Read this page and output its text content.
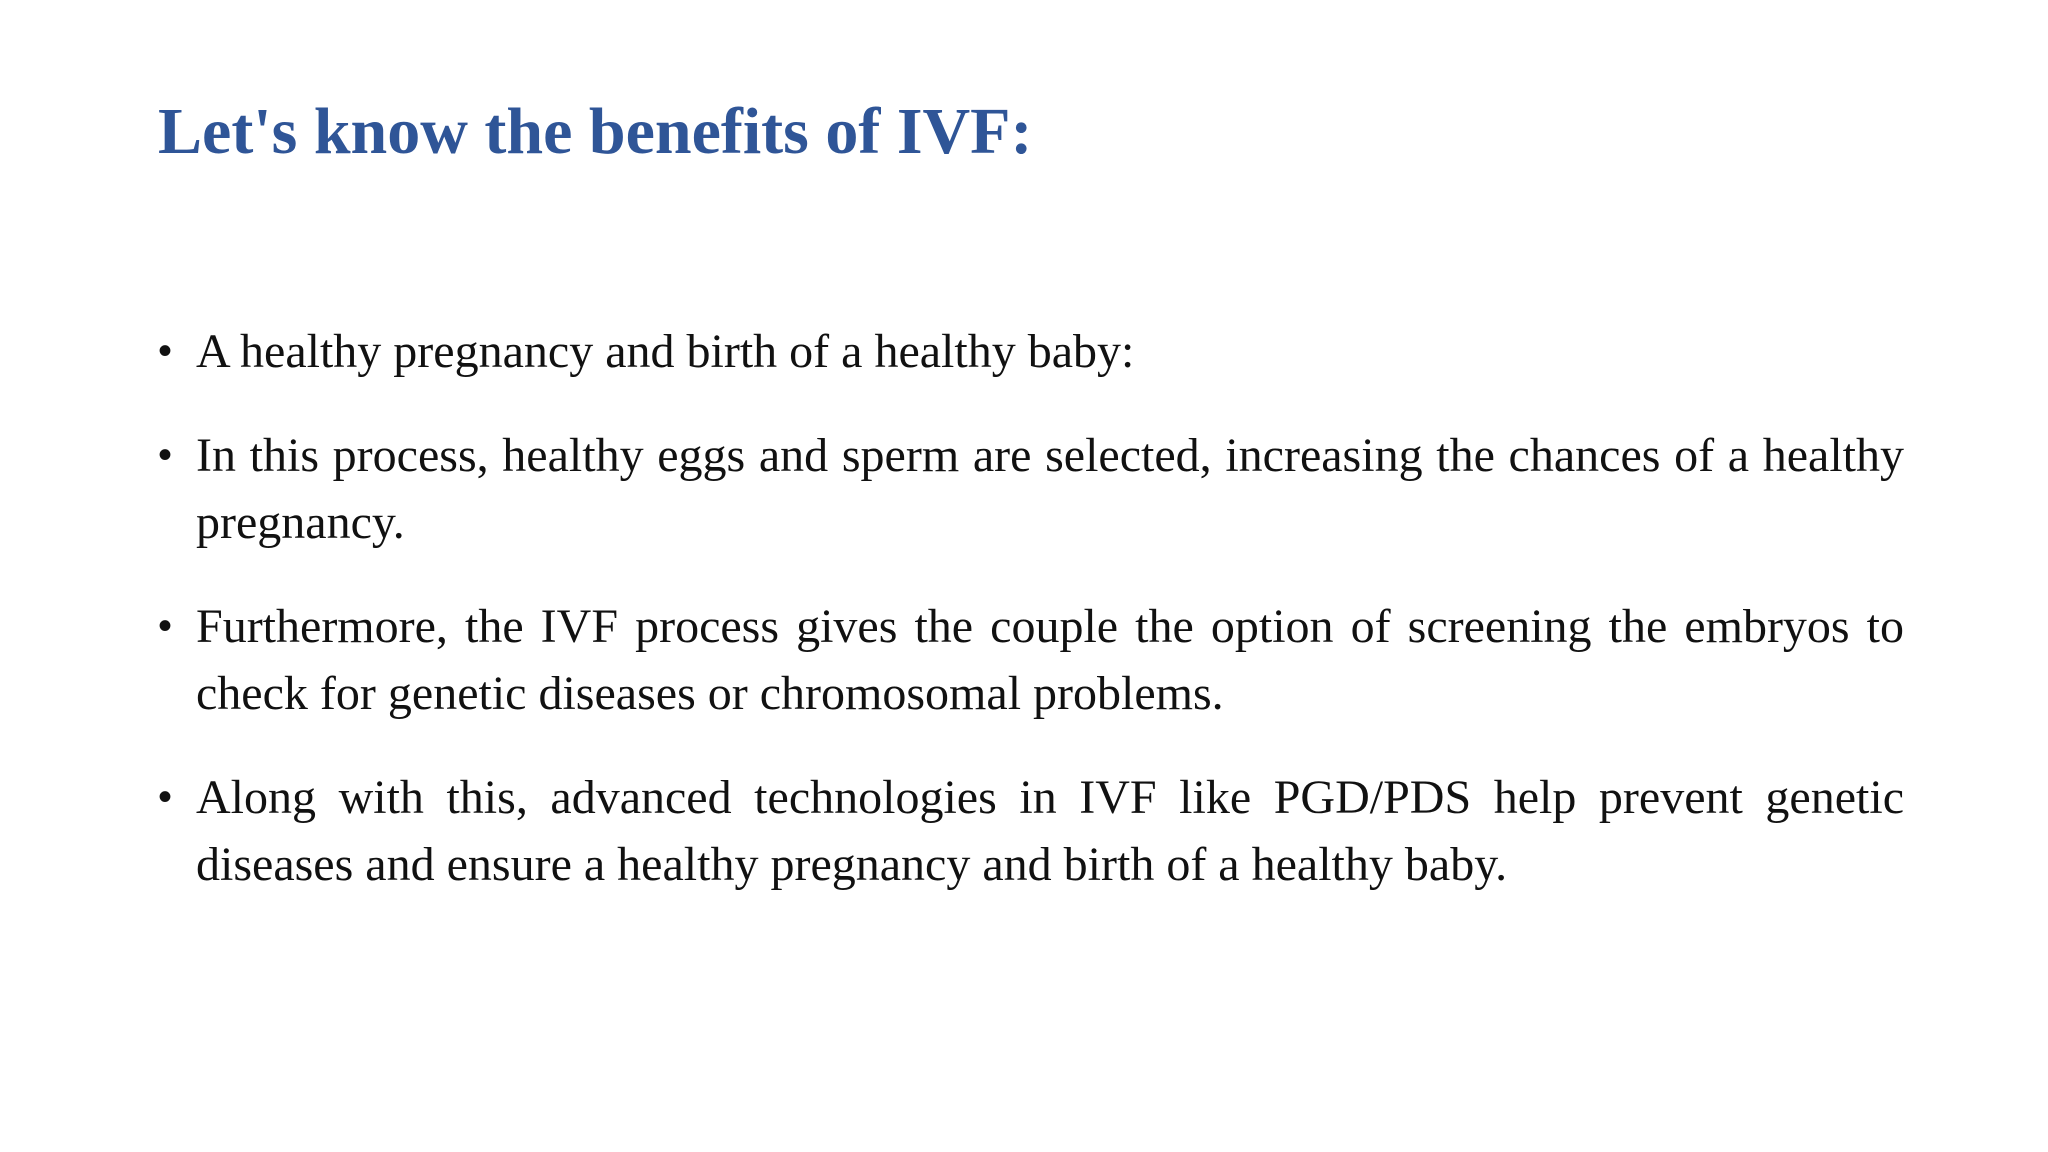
Let's know the benefits of IVF:
• A healthy pregnancy and birth of a healthy baby:
• In this process, healthy eggs and sperm are selected, increasing the chances of a healthy pregnancy.
• Furthermore, the IVF process gives the couple the option of screening the embryos to check for genetic diseases or chromosomal problems.
• Along with this, advanced technologies in IVF like PGD/PDS help prevent genetic diseases and ensure a healthy pregnancy and birth of a healthy baby.
